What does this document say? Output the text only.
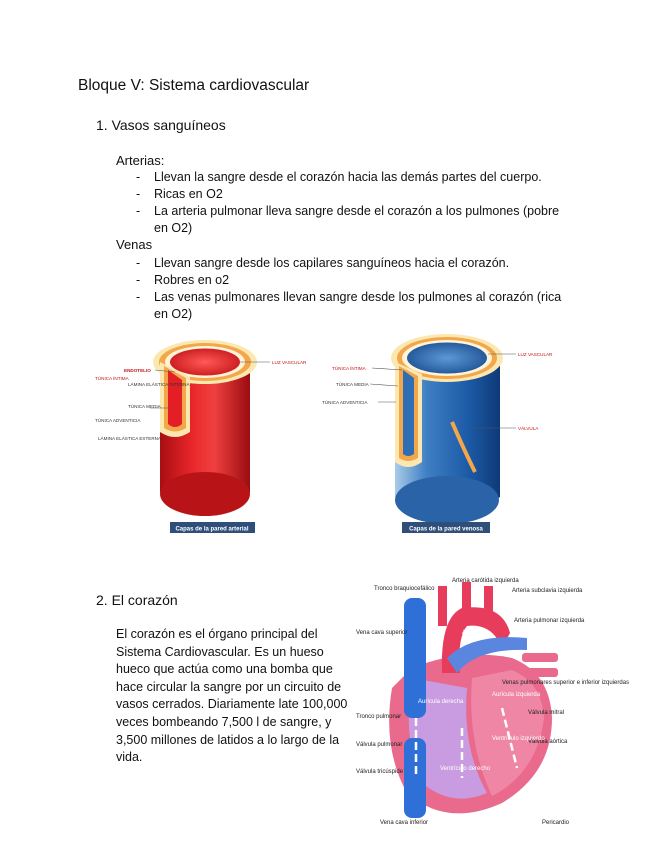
Bloque V: Sistema cardiovascular
1. Vasos sanguíneos
Arterias:
- Llevan la sangre desde el corazón hacia las demás partes del cuerpo.
- Ricas en O2
- La arteria pulmonar lleva sangre desde el corazón a los pulmones (pobre en O2)
Venas
- Llevan sangre desde los capilares sanguíneos hacia el corazón.
- Robres en o2
- Las venas pulmonares llevan sangre desde los pulmones al corazón (rica en O2)
ENDOTELIO
TÚNICA ÍNTIMA
LÁMINA ELÁSTICA INTERNA
TÚNICA MEDIA
TÚNICA ADVENTICIA
LÁMINA ELÁSTICA EXTERNA
LUZ VASCULAR
Capas de la pared arterial
TÚNICA ÍNTIMA
TÚNICA MEDIA
TÚNICA ADVENTICIA
LUZ VASCULAR
VÁLVULA
Capas de la pared venosa
2. El corazón
El corazón es el órgano principal del Sistema Cardiovascular. Es un hueso hueco que actúa como una bomba que hace circular la sangre por un circuito de vasos cerrados. Diariamente late 100,000 veces bombeando 7,500 l de sangre, y 3,500 millones de latidos a lo largo de la vida.
Arteria carótida izquierda
Tronco braquiocefálico	Arteria subclavia izquierda
Arteria pulmonar izquierda
Vena cava superior	Aorta
Venas pulmonares superior e inferior izquierdas
Aurícula izquierda
Aurícula derecha
Tronco pulmonar
Válvula mitral
Válvula aórtica
Válvula pulmonar
Ventrículo izquierdo
Válvula tricúspide	Ventrículo derecho
Vena cava inferior	Pericardio
